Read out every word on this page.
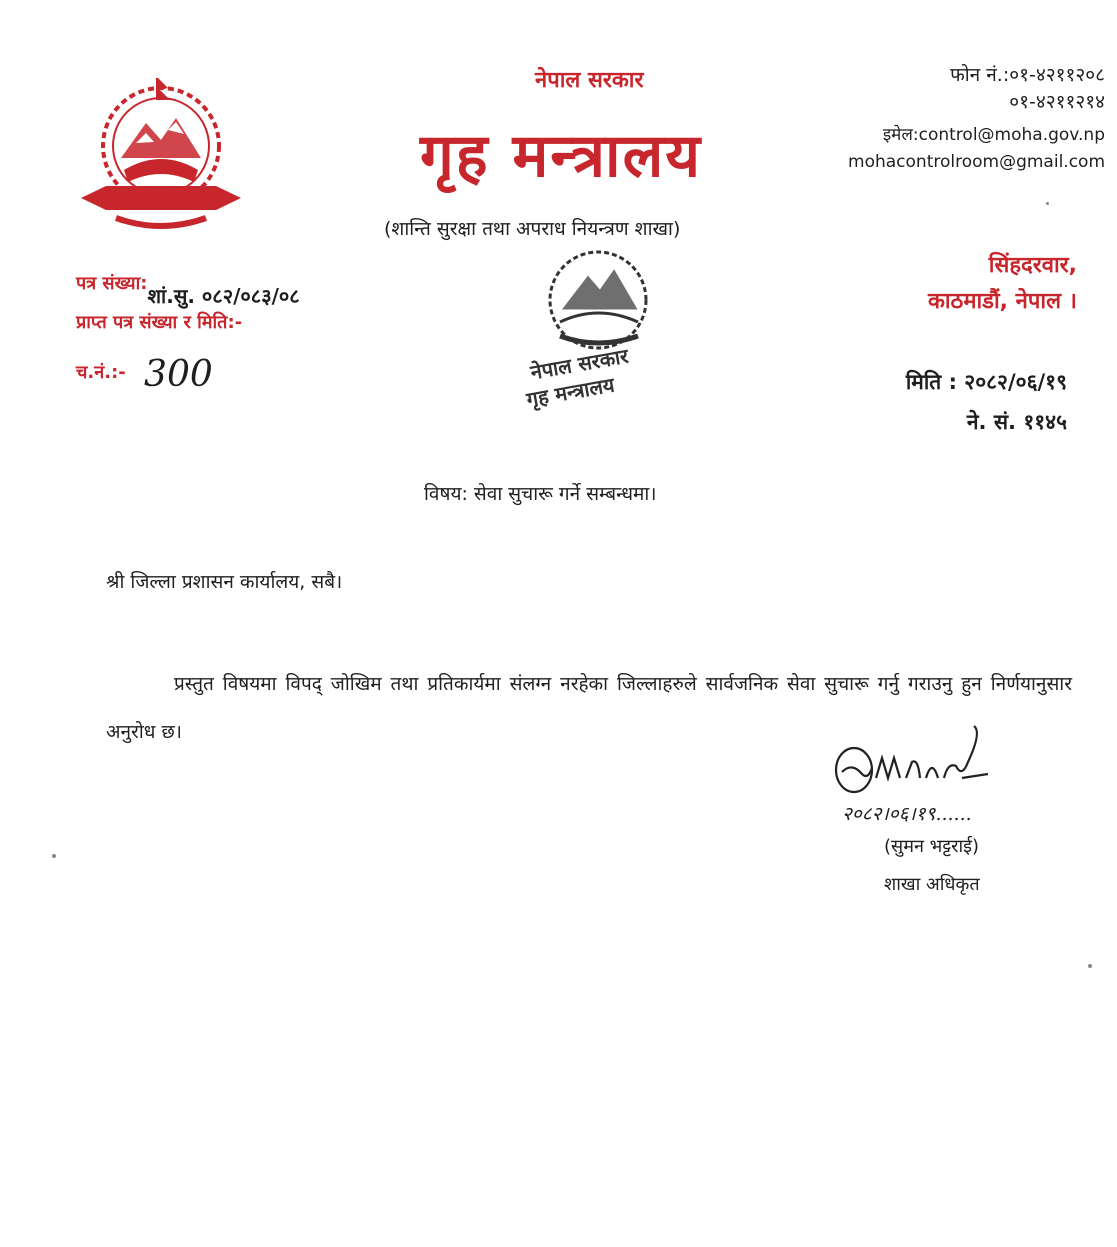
नेपाल सरकार
गृह मन्त्रालय
(शान्ति सुरक्षा तथा अपराध नियन्त्रण शाखा)
फोन नं.:०१-४२११२०८
०१-४२११२१४
इमेल:control@moha.gov.np
mohacontrolroom@gmail.com
सिंहदरवार,
काठमाडौं, नेपाल ।
पत्र संख्या:शां.सु. ०८२/०८३/०८
प्राप्त पत्र संख्या र मिति:-
च.नं.:- 300	नेपाल सरकार
गृह मन्त्रालय	मिति : २०८२/०६/१९
ने. सं. ११४५
विषय: सेवा सुचारू गर्ने सम्बन्धमा।
श्री जिल्ला प्रशासन कार्यालय, सबै।
प्रस्तुत विषयमा विपद् जोखिम तथा प्रतिकार्यमा संलग्न नरहेका जिल्लाहरुले सार्वजनिक सेवा सुचारू गर्नु गराउनु हुन निर्णयानुसार अनुरोध छ।
२०८२।०६।१९......
(सुमन भट्टराई)
शाखा अधिकृत
